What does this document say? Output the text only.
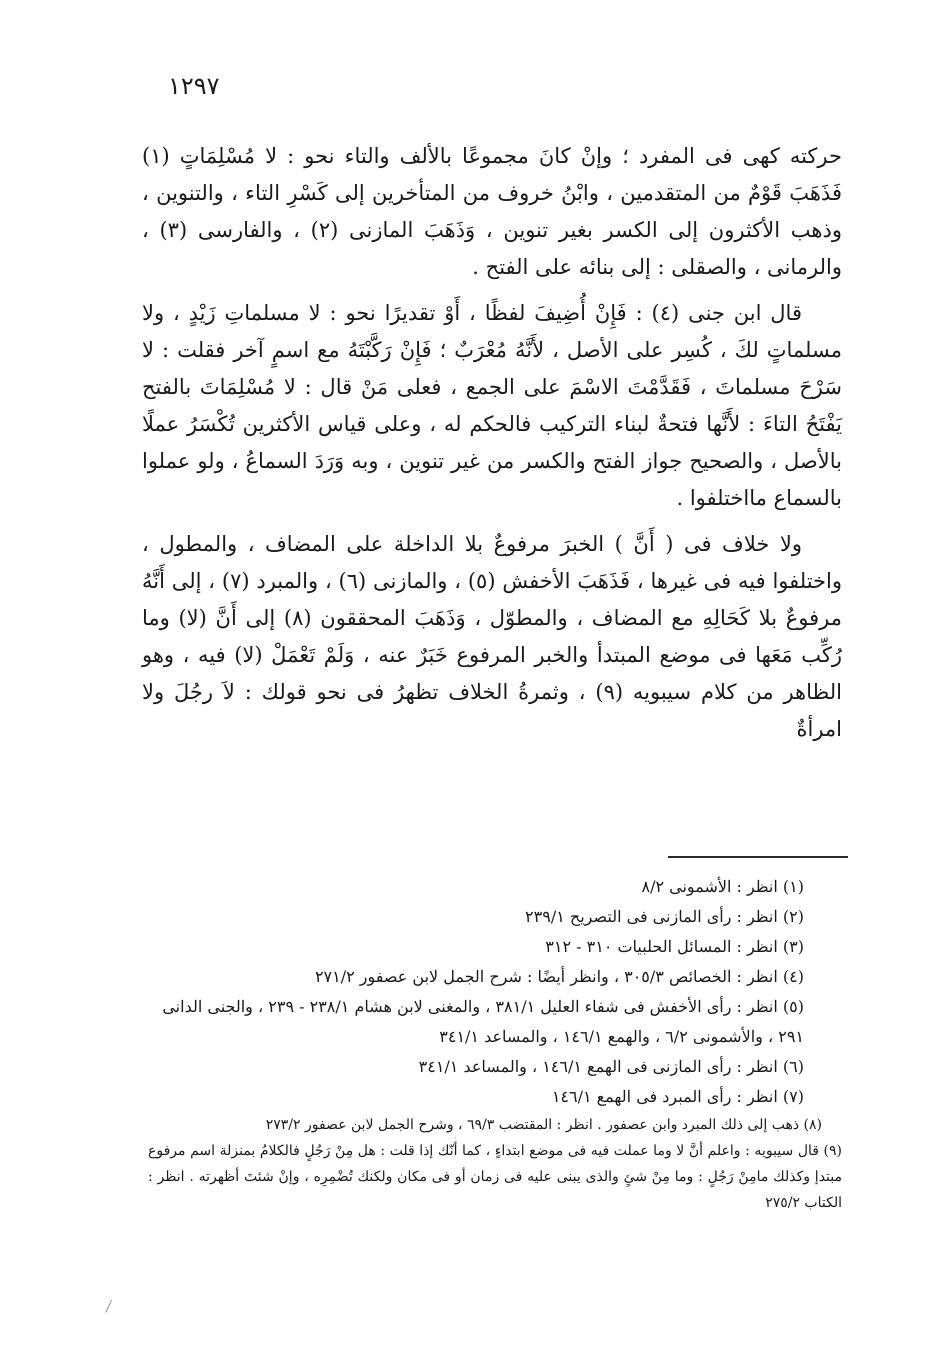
١٢٩٧

حركته كهى فى المفرد ؛ وإنْ كانَ مجموعًا بالألف والتاء نحو : لا مُسْلِمَاتٍ (١) فَذَهَبَ قَوْمٌ من المتقدمين ، وابْنُ خروف من المتأخرين إلى كَسْرِ التاء ، والتنوين ، وذهب الأكثرون إلى الكسر بغير تنوين ، وَذَهَبَ المازنى (٢) ، والفارسى (٣) ، والرمانى ، والصقلى : إلى بنائه على الفتح .

قال ابن جنى (٤) : فَإِنْ أُضِيفَ لفظًا ، أَوْ تقديرًا نحو : لا مسلماتِ زَيْدٍ ، ولا مسلماتٍ لكَ ، كُسِر على الأصل ، لأَنَّهُ مُعْرَبٌ ؛ فَإِنْ رَكَّبْتَهُ مع اسمٍ آخر فقلت : لا سَرْحَ مسلماتَ ، فَقَدَّمْتَ الاسْمَ على الجمع ، فعلى مَنْ قال : لا مُسْلِمَاتَ بالفتح يَفْتَحُ التاءَ : لأَنَّها فتحةٌ لبناء التركيب فالحكم له ، وعلى قياس الأكثرين تُكْسَرُ عملًا بالأصل ، والصحيح جواز الفتح والكسر من غير تنوين ، وبه وَرَدَ السماعُ ، ولو عملوا بالسماع مااختلفوا .

ولا خلاف فى ( أَنَّ ) الخبرَ مرفوعٌ بلا الداخلة على المضاف ، والمطول ، واختلفوا فيه فى غيرها ، فَذَهَبَ الأخفش (٥) ، والمازنى (٦) ، والمبرد (٧) ، إلى أَنَّهُ مرفوعٌ بلا كَحَالِهِ مع المضاف ، والمطوّل ، وَذَهَبَ المحققون (٨) إلى أَنَّ (لا) وما رُكِّب مَعَها فى موضع المبتدأ والخبر المرفوع خَبَرٌ عنه ، وَلَمْ تَعْمَلْ (لا) فيه ، وهو الظاهر من كلام سيبويه (٩) ، وثمرةُ الخلاف تظهرُ فى نحو قولك : لاَ رجُلَ ولا امرأةٌ

(١) انظر : الأشمونى ٨/٢

(٢) انظر : رأى المازنى فى التصريح ٢٣٩/١

(٣) انظر : المسائل الحلبيات ٣١٠ - ٣١٢

(٤) انظر : الخصائص ٣٠٥/٣ ، وانظر أيضًا : شرح الجمل لابن عصفور ٢٧١/٢

(٥) انظر : رأى الأخفش فى شفاء العليل ٣٨١/١ ، والمغنى لابن هشام ٢٣٨/١ - ٢٣٩ ، والجنى الدانى ٢٩١ ، والأشمونى ٦/٢ ، والهمع ١٤٦/١ ، والمساعد ٣٤١/١

(٦) انظر : رأى المازنى فى الهمع ١٤٦/١ ، والمساعد ٣٤١/١

(٧) انظر : رأى المبرد فى الهمع ١٤٦/١

(٨) ذهب إلى ذلك المبرد وابن عصفور . انظر : المقتضب ٦٩/٣ ، وشرح الجمل لابن عصفور ٢٧٣/٢

(٩) قال سيبويه : واعلم أنَّ لا وما عملت فيه فى موضع ابتداءٍ ، كما أنّك إذا قلت : هل مِنْ رَجُلٍ فالكلامُ بمنزلة اسم مرفوع مبتدإ وكذلك مامِنْ رَجُلٍ : وما مِنْ شئٍ والذى يبنى عليه فى زمان أو فى مكان ولكنك تُضْمِرِه ، وإنْ شئتَ أظهرته . انظر : الكتاب ٢٧٥/٢
